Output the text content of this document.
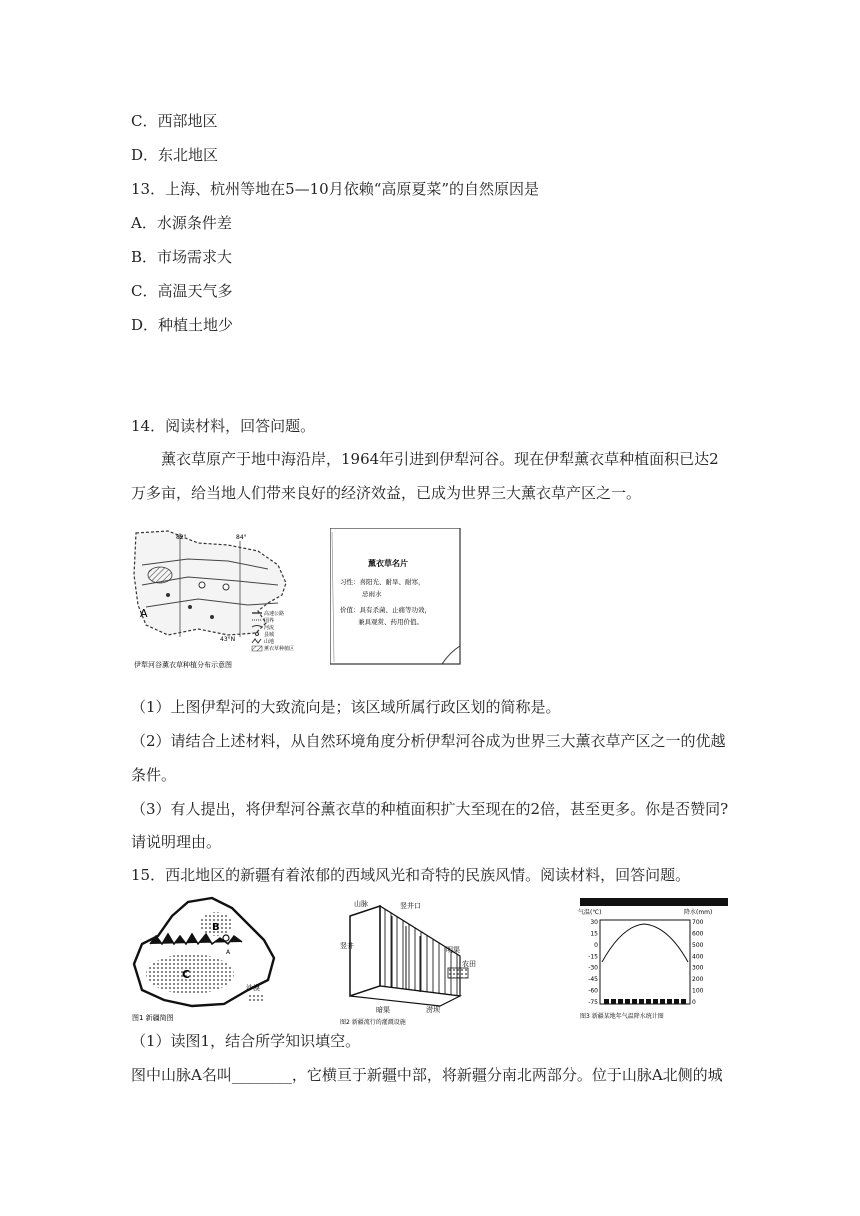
C．西部地区
D．东北地区
13．上海、杭州等地在5—10月依赖“高原夏菜”的自然原因是
A．水源条件差
B．市场需求大
C．高温天气多
D．种植土地少
14．阅读材料，回答问题。
薰衣草原产于地中海沿岸，1964年引进到伊犁河谷。现在伊犁薰衣草种植面积已达2
万多亩，给当地人们带来良好的经济效益，已成为世界三大薰衣草产区之一。
A
82°	84°
43°N
高速公路
国界
河流
县城
山地
薰衣草种植区
伊犁河谷薰衣草种植分布示意图
薰衣草名片
习性：喜阳光、耐旱、耐寒，
忌雨水
价值：具有杀菌、止痛等功效，
兼具观赏、药用价值。
（1）上图伊犁河的大致流向是；该区域所属行政区划的简称是。
（2）请结合上述材料，从自然环境角度分析伊犁河谷成为世界三大薰衣草产区之一的优越
条件。
（3）有人提出，将伊犁河谷薰衣草的种植面积扩大至现在的2倍，甚至更多。你是否赞同?
请说明理由。
15．西北地区的新疆有着浓郁的西域风光和奇特的民族风情。阅读材料，回答问题。
B
C
A
沙漠
图1 新疆简图
山脉	竖井口
竖井	明渠
农田
暗渠	涝坝
图2 新疆流行的灌溉设施
气温(℃)	降水(mm)
30
15
0
-15
-30
-45
-60
-75
700
600
500
400
300
200
100
0
图3 新疆某地年气温降水统计图
（1）读图1，结合所学知识填空。
图中山脉A名叫________，它横亘于新疆中部，将新疆分南北两部分。位于山脉A北侧的城
